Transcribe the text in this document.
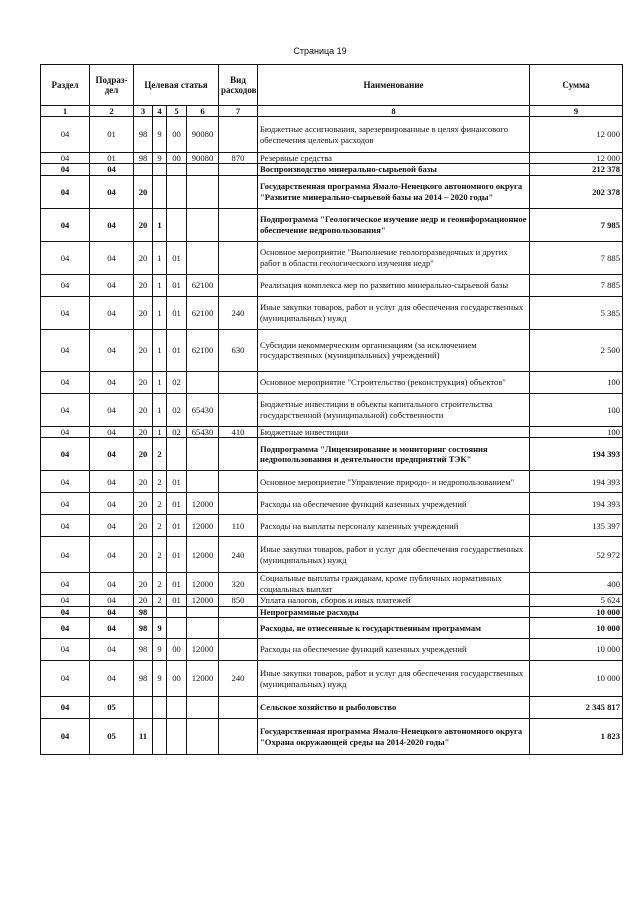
Страница 19
Раздел	Подраз-дел	Целевая статья				Вид расходов	Наименование	Сумма
1	2	3	4	5	6	7	8	9
04	01	98	9	00	90080		Бюджетные ассигнования, зарезервированные в целях финансового обеспечения целевых расходов	12 000
04	01	98	9	00	90080	870	Резервные средства	12 000
04	04						Воспроизводство минерально-сырьевой базы	212 378
04	04	20					Государственная программа Ямало-Ненецкого автономного округа "Развитие минерально-сырьевой базы на 2014 – 2020 годы"	202 378
04	04	20	1				Подпрограмма "Геологическое изучение недр и геоинформационное обеспечение недропользования"	7 985
04	04	20	1	01			Основное мероприятие "Выполнение геологоразведочных и других работ в области геологического изучения недр"	7 885
04	04	20	1	01	62100		Реализация комплекса мер по развитию минерально-сырьевой базы	7 885
04	04	20	1	01	62100	240	Иные закупки товаров, работ и услуг для обеспечения государственных (муниципальных) нужд	5 385
04	04	20	1	01	62100	630	Субсидии некоммерческим организациям (за исключением государственных (муниципальных) учреждений)	2 500
04	04	20	1	02			Основное мероприятие "Строительство (реконструкция) объектов"	100
04	04	20	1	02	65430		Бюджетные инвестиции в объекты капитального строительства государственной (муниципальной) собственности	100
04	04	20	1	02	65430	410	Бюджетные инвестиции	100
04	04	20	2				Подпрограмма "Лицензирование и мониторинг состояния недропользования и деятельности предприятий ТЭК"	194 393
04	04	20	2	01			Основное мероприятие "Управление природо- и недропользованием"	194 393
04	04	20	2	01	12000		Расходы на обеспечение функций казенных учреждений	194 393
04	04	20	2	01	12000	110	Расходы на выплаты персоналу казенных учреждений	135 397
04	04	20	2	01	12000	240	Иные закупки товаров, работ и услуг для обеспечения государственных (муниципальных) нужд	52 972
04	04	20	2	01	12000	320	Социальные выплаты гражданам, кроме публичных нормативных социальных выплат	400
04	04	20	2	01	12000	850	Уплата налогов, сборов и иных платежей	5 624
04	04	98					Непрограммные расходы	10 000
04	04	98	9				Расходы, не отнесенные к государственным программам	10 000
04	04	98	9	00	12000		Расходы на обеспечение функций казенных учреждений	10 000
04	04	98	9	00	12000	240	Иные закупки товаров, работ и услуг для обеспечения государственных (муниципальных) нужд	10 000
04	05						Сельское хозяйство и рыболовство	2 345 817
04	05	11					Государственная программа Ямало-Ненецкого автономного округа "Охрана окружающей среды на 2014-2020 годы"	1 823
